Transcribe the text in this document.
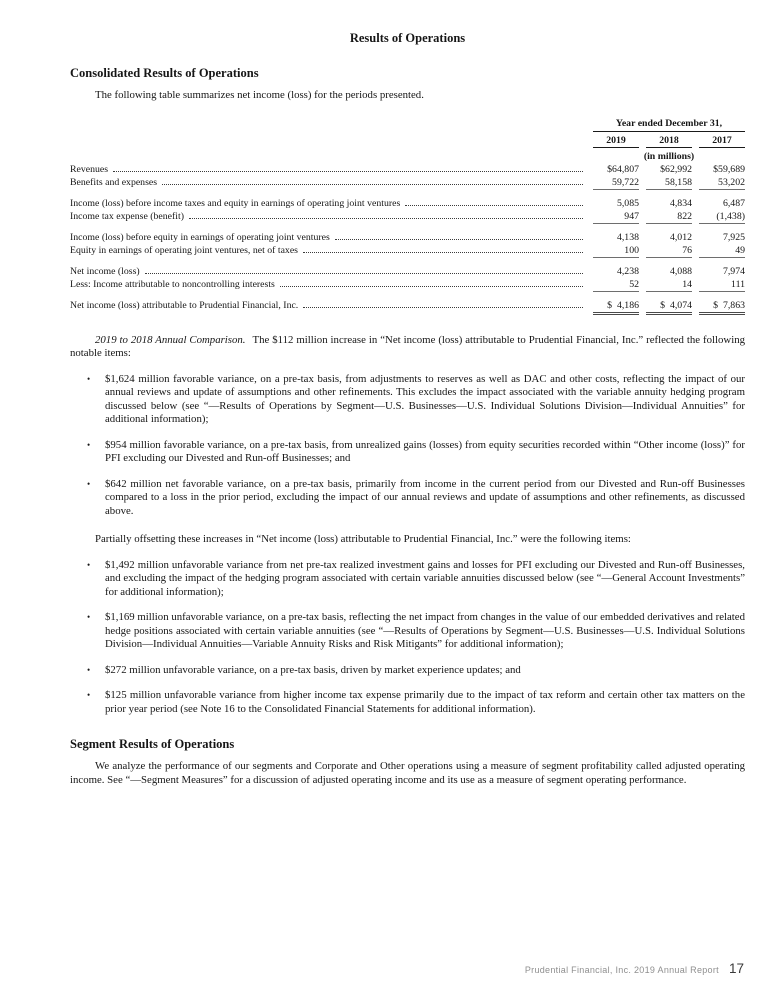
Results of Operations
Consolidated Results of Operations

The following table summarizes net income (loss) for the periods presented.

Year ended December 31,
2019	2018	2017
(in millions)
Revenues	$64,807	$62,992	$59,689
Benefits and expenses	59,722	58,158	53,202
Income (loss) before income taxes and equity in earnings of operating joint ventures	5,085	4,834	6,487
Income tax expense (benefit)	947	822	(1,438)
Income (loss) before equity in earnings of operating joint ventures	4,138	4,012	7,925
Equity in earnings of operating joint ventures, net of taxes	100	76	49
Net income (loss)	4,238	4,088	7,974
Less: Income attributable to noncontrolling interests	52	14	111
Net income (loss) attributable to Prudential Financial, Inc.	$  4,186	$  4,074	$  7,863

2019 to 2018 Annual Comparison. The $112 million increase in “Net income (loss) attributable to Prudential Financial, Inc.” reflected the following notable items:

•	$1,624 million favorable variance, on a pre-tax basis, from adjustments to reserves as well as DAC and other costs, reflecting the impact of our annual reviews and update of assumptions and other refinements. This excludes the impact associated with the variable annuity hedging program discussed below (see “—Results of Operations by Segment—U.S. Businesses—U.S. Individual Solutions Division—Individual Annuities” for additional information);
•	$954 million favorable variance, on a pre-tax basis, from unrealized gains (losses) from equity securities recorded within “Other income (loss)” for PFI excluding our Divested and Run-off Businesses; and
•	$642 million net favorable variance, on a pre-tax basis, primarily from income in the current period from our Divested and Run-off Businesses compared to a loss in the prior period, excluding the impact of our annual reviews and update of assumptions and other refinements, as discussed above.

Partially offsetting these increases in “Net income (loss) attributable to Prudential Financial, Inc.” were the following items:

•	$1,492 million unfavorable variance from net pre-tax realized investment gains and losses for PFI excluding our Divested and Run-off Businesses, and excluding the impact of the hedging program associated with certain variable annuities discussed below (see “—General Account Investments” for additional information);
•	$1,169 million unfavorable variance, on a pre-tax basis, reflecting the net impact from changes in the value of our embedded derivatives and related hedge positions associated with certain variable annuities (see “—Results of Operations by Segment—U.S. Businesses—U.S. Individual Solutions Division—Individual Annuities—Variable Annuity Risks and Risk Mitigants” for additional information);
•	$272 million unfavorable variance, on a pre-tax basis, driven by market experience updates; and
•	$125 million unfavorable variance from higher income tax expense primarily due to the impact of tax reform and certain other tax matters on the prior year period (see Note 16 to the Consolidated Financial Statements for additional information).
Segment Results of Operations

We analyze the performance of our segments and Corporate and Other operations using a measure of segment profitability called adjusted operating income. See “—Segment Measures” for a discussion of adjusted operating income and its use as a measure of segment operating performance.

Prudential Financial, Inc. 2019 Annual Report 17
